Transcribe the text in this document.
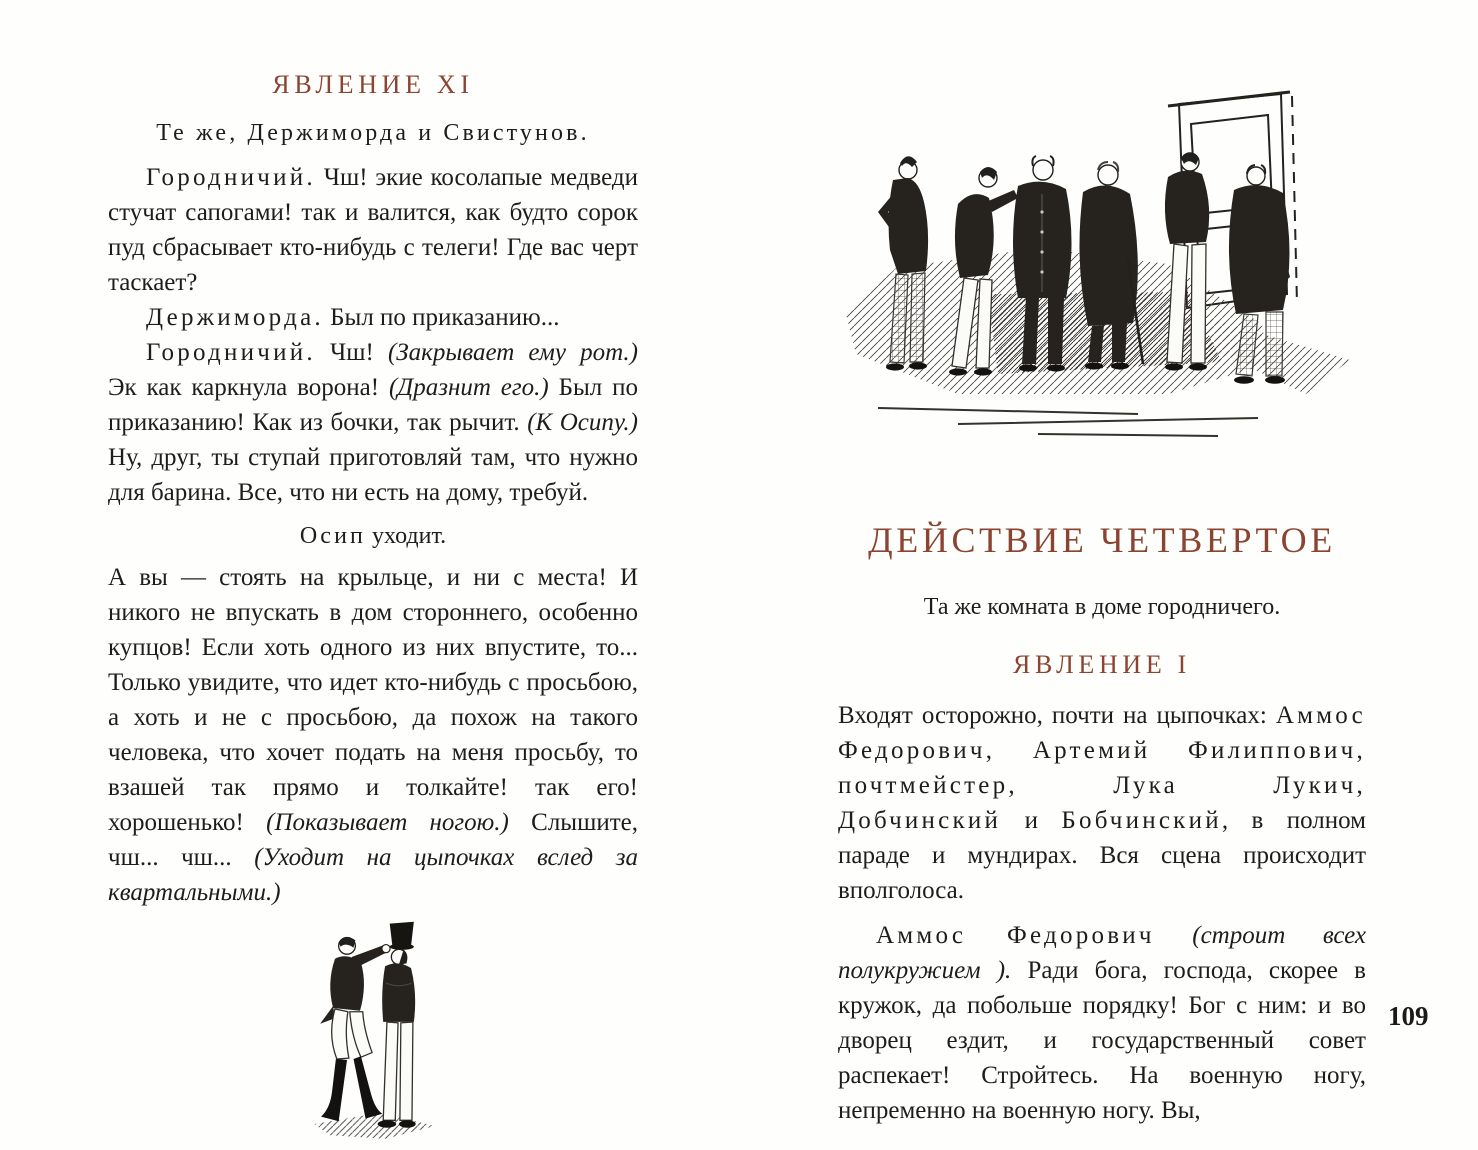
ЯВЛЕНИЕ XI

Те же, Держиморда и Свистунов.

Городничий. Чш! экие косолапые медведи стучат сапогами! так и валится, как будто сорок пуд сбрасывает кто-нибудь с телеги! Где вас черт таскает?

Держиморда. Был по приказанию...

Городничий. Чш! (Закрывает ему рот.) Эк как каркнула ворона! (Дразнит его.) Был по приказанию! Как из бочки, так рычит. (К Осипу.) Ну, друг, ты ступай приготовляй там, что нужно для барина. Все, что ни есть на дому, требуй.

Осип уходит.

А вы — стоять на крыльце, и ни с места! И никого не впускать в дом стороннего, особенно купцов! Если хоть одного из них впустите, то... Только увидите, что идет кто-нибудь с просьбою, а хоть и не с просьбою, да похож на такого человека, что хочет подать на меня просьбу, то взашей так прямо и толкайте! так его! хорошенько! (Показывает ногою.) Слышите, чш... чш... (Уходит на цыпочках вслед за квартальными.)

ДЕЙСТВИЕ ЧЕТВЕРТОЕ

Та же комната в доме городничего.

ЯВЛЕНИЕ I

Входят осторожно, почти на цыпочках: Аммос Федорович, Артемий Филиппович, почтмейстер, Лука Лукич, Добчинский и Бобчинский, в полном параде и мундирах. Вся сцена происходит вполголоса.

Аммос Федорович (строит всех полукружием ). Ради бога, господа, скорее в кружок, да побольше порядку! Бог с ним: и во дворец ездит, и государственный совет распекает! Стройтесь. На военную ногу, непременно на военную ногу. Вы,

109
